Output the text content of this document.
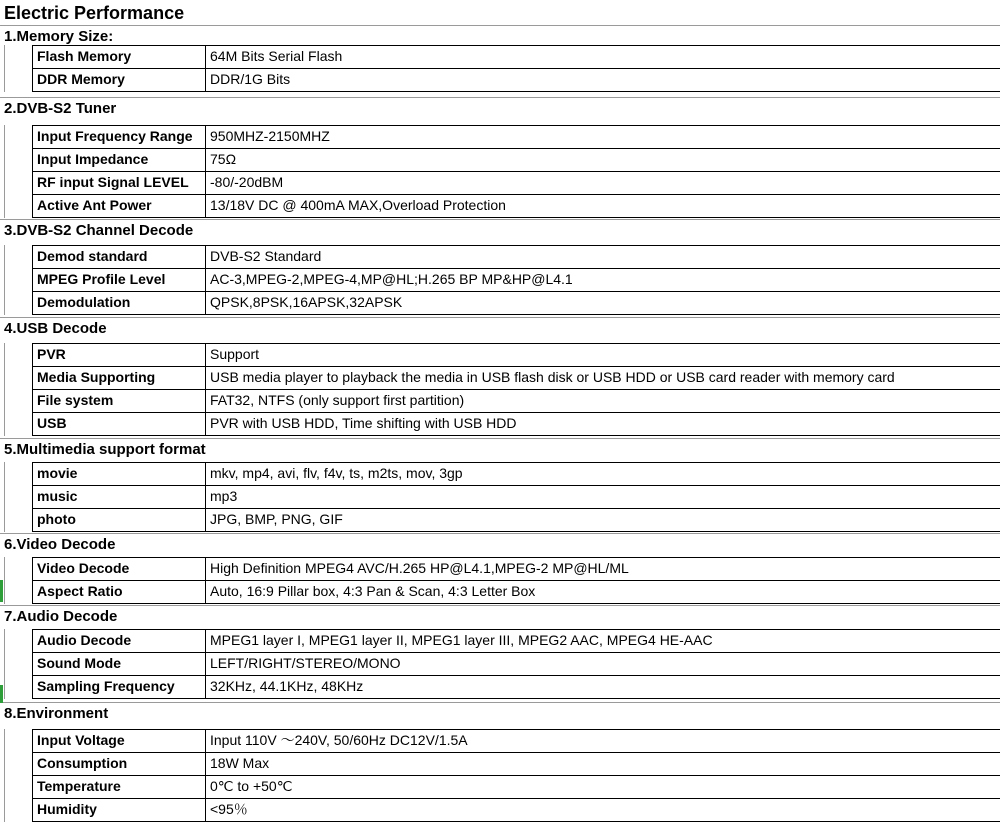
Electric Performance
1.Memory Size:
Flash Memory	64M Bits Serial Flash
DDR Memory	DDR/1G Bits
2.DVB-S2 Tuner
Input Frequency Range	950MHZ-2150MHZ
Input Impedance	75Ω
RF input Signal LEVEL	-80/-20dBM
Active Ant Power	13/18V DC @ 400mA MAX,Overload Protection
3.DVB-S2 Channel Decode
Demod standard	DVB-S2 Standard
MPEG Profile Level	AC-3,MPEG-2,MPEG-4,MP@HL;H.265 BP MP&HP@L4.1
Demodulation	QPSK,8PSK,16APSK,32APSK
4.USB Decode
PVR	Support
Media Supporting	USB media player to playback the media in USB flash disk or USB HDD or USB card reader with memory card
File system	FAT32, NTFS (only support first partition)
USB	PVR with USB HDD, Time shifting with USB HDD
5.Multimedia support format
movie	mkv, mp4, avi, flv, f4v, ts, m2ts, mov, 3gp
music	mp3
photo	JPG, BMP, PNG, GIF
6.Video Decode
Video Decode	High Definition MPEG4 AVC/H.265 HP@L4.1,MPEG-2 MP@HL/ML
Aspect Ratio	Auto, 16:9 Pillar box, 4:3 Pan & Scan, 4:3 Letter Box
7.Audio Decode
Audio Decode	MPEG1 layer I, MPEG1 layer II, MPEG1 layer III, MPEG2 AAC, MPEG4 HE-AAC
Sound Mode	LEFT/RIGHT/STEREO/MONO
Sampling Frequency	32KHz, 44.1KHz, 48KHz
8.Environment
Input Voltage	Input 110V ～240V, 50/60Hz DC12V/1.5A
Consumption	18W Max
Temperature	0℃ to +50℃
Humidity	<95％
